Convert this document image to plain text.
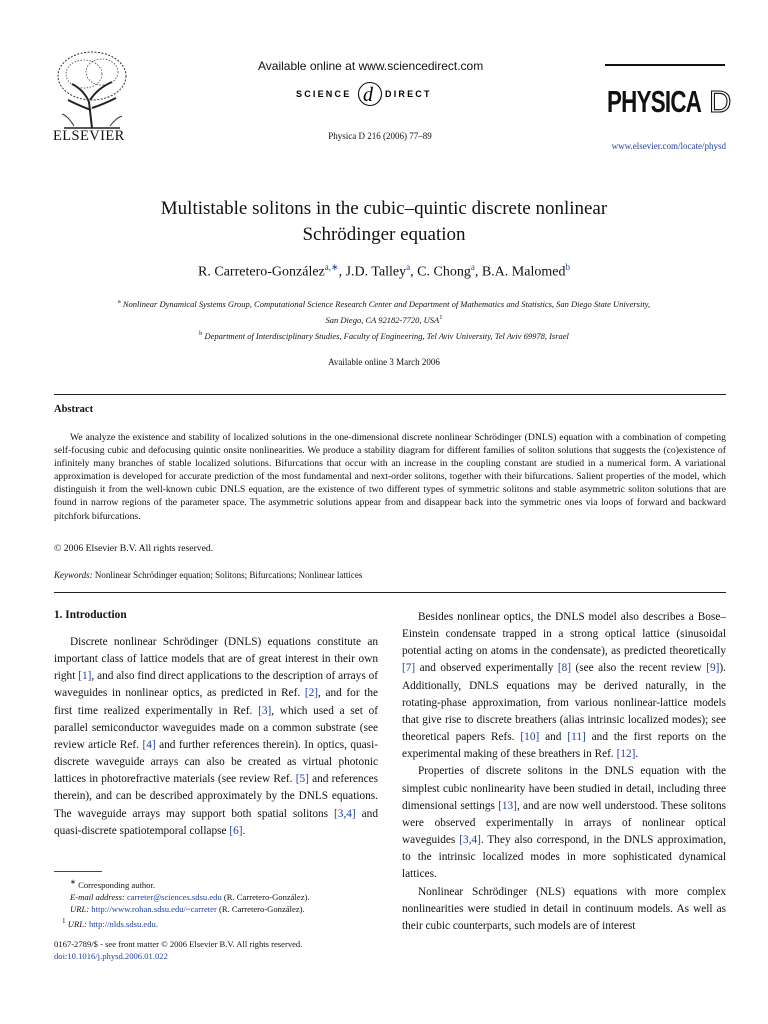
ELSEVIER
Available online at www.sciencedirect.com
SCIENCE d DIRECT
Physica D 216 (2006) 77–89
PHYSICA D
www.elsevier.com/locate/physd
Multistable solitons in the cubic–quintic discrete nonlinear
Schrödinger equation
R. Carretero-González$^{a,∗}$, J.D. Talley$^a$, C. Chong$^a$, B.A. Malomed$^b$
$^a$ Nonlinear Dynamical Systems Group, Computational Science Research Center and Department of Mathematics and Statistics, San Diego State University,
San Diego, CA 92182-7720, USA$^1$
$^b$ Department of Interdisciplinary Studies, Faculty of Engineering, Tel Aviv University, Tel Aviv 69978, Israel
Available online 3 March 2006
Abstract

We analyze the existence and stability of localized solutions in the one-dimensional discrete nonlinear Schrödinger (DNLS) equation with a combination of competing self-focusing cubic and defocusing quintic onsite nonlinearities. We produce a stability diagram for different families of soliton solutions that suggests the (co)existence of infinitely many branches of stable localized solutions. Bifurcations that occur with an increase in the coupling constant are studied in a numerical form. A variational approximation is developed for accurate prediction of the most fundamental and next-order solitons, together with their bifurcations. Salient properties of the model, which distinguish it from the well-known cubic DNLS equation, are the existence of two different types of symmetric solitons and stable asymmetric soliton solutions that are found in narrow regions of the parameter space. The asymmetric solutions appear from and disappear back into the symmetric ones via loops of forward and backward pitchfork bifurcations.

© 2006 Elsevier B.V. All rights reserved.
Keywords: Nonlinear Schrödinger equation; Solitons; Bifurcations; Nonlinear lattices
1. Introduction

Discrete nonlinear Schrödinger (DNLS) equations constitute an important class of lattice models that are of great interest in their own right [1], and also find direct applications to the description of arrays of waveguides in nonlinear optics, as predicted in Ref. [2], and for the first time realized experimentally in Ref. [3], which used a set of parallel semiconductor waveguides made on a common substrate (see review article Ref. [4] and further references therein). In optics, quasi-discrete waveguide arrays can also be created as virtual photonic lattices in photorefractive materials (see review Ref. [5] and references therein), and can be described approximately by the DNLS equations. The waveguide arrays may support both spatial solitons [3,4] and quasi-discrete spatiotemporal collapse [6].

Besides nonlinear optics, the DNLS model also describes a Bose–Einstein condensate trapped in a strong optical lattice (sinusoidal potential acting on atoms in the condensate), as predicted theoretically [7] and observed experimentally [8] (see also the recent review [9]). Additionally, DNLS equations may be derived naturally, in the rotating-phase approximation, from various nonlinear-lattice models that give rise to discrete breathers (alias intrinsic localized modes); see theoretical papers Refs. [10] and [11] and the first reports on the experimental making of these breathers in Ref. [12].

Properties of discrete solitons in the DNLS equation with the simplest cubic nonlinearity have been studied in detail, including three dimensional settings [13], and are now well understood. These solitons were observed experimentally in arrays of nonlinear optical waveguides [3,4]. They also correspond, in the DNLS approximation, to the intrinsic localized modes in more sophisticated dynamical lattices.

Nonlinear Schrödinger (NLS) equations with more complex nonlinearities were studied in detail in continuum models. As well as their cubic counterparts, such models are of interest

∗ Corresponding author.
E-mail address: carreter@sciences.sdsu.edu (R. Carretero-González).
URL: http://www.rohan.sdsu.edu/~carreter (R. Carretero-González).
$^1$ URL: http://nlds.sdsu.edu.
0167-2789/$ - see front matter © 2006 Elsevier B.V. All rights reserved.
doi:10.1016/j.physd.2006.01.022
